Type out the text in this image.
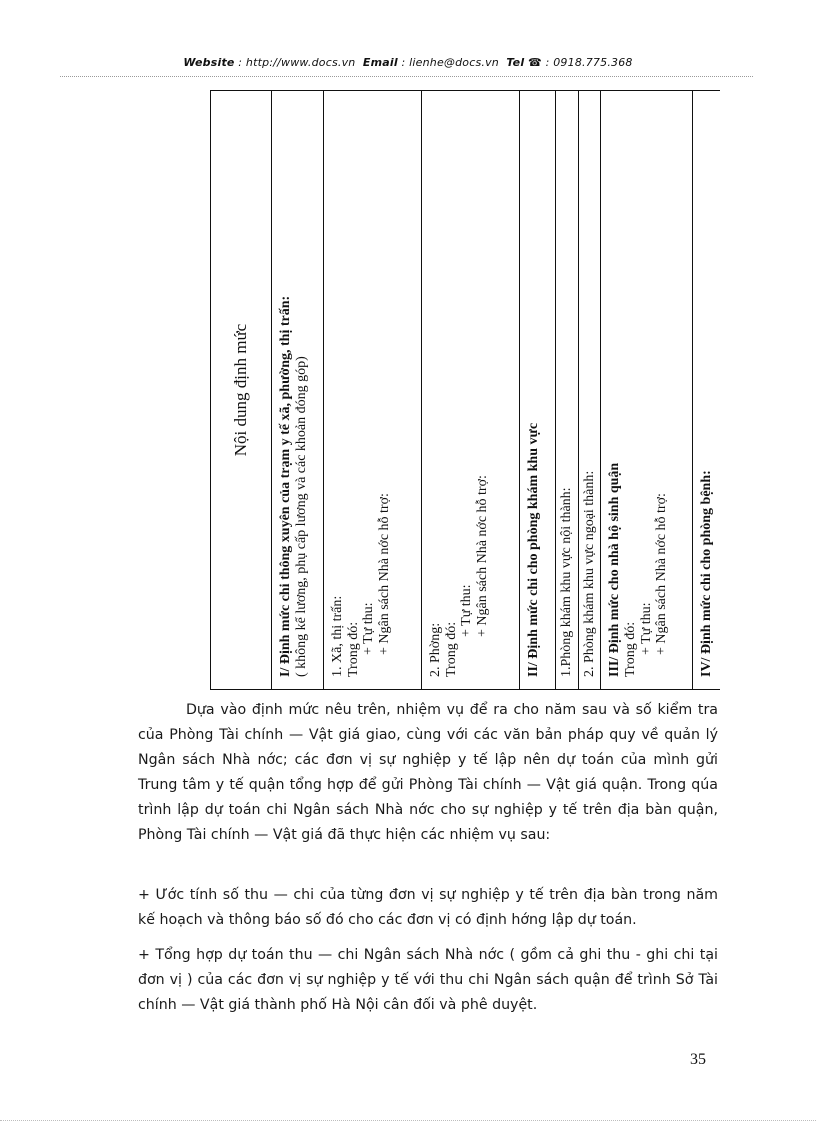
Website : http://www.docs.vn Email : lienhe@docs.vn Tel ☎ : 0918.775.368
Nội dung định mức

I/ Định mức chi thông xuyên của trạm y tế xã, phường, thị trấn: ( không kể lương, phụ cấp lương và các khoản đóng góp)

1. Xã, thị trấn: Trong đó: + Tự thu: + Ngân sách Nhà nớc hỗ trợ:

2. Phờng: Trong đó:
+ Tự thu: + Ngân sách Nhà nớc hỗ trợ:

II/ Định mức chi cho phòng khám khu vực

1.Phòng khám khu vực nội thành:

2. Phòng khám khu vực ngoại thành:

III/ Định mức cho nhà hộ sinh quận Trong đó: + Tự thu: + Ngân sách Nhà nớc hỗ trợ:

IV/ Định mức chi cho phòng bệnh:
Dựa vào định mức nêu trên, nhiệm vụ để ra cho năm sau và số kiểm tra của Phòng Tài chính — Vật giá giao, cùng với các văn bản pháp quy về quản lý Ngân sách Nhà nớc; các đơn vị sự nghiệp y tế lập nên dự toán của mình gửi Trung tâm y tế quận tổng hợp để gửi Phòng Tài chính — Vật giá quận. Trong qúa trình lập dự toán chi Ngân sách Nhà nớc cho sự nghiệp y tế trên địa bàn quận, Phòng Tài chính — Vật giá đã thực hiện các nhiệm vụ sau:
+ Ước tính số thu — chi của từng đơn vị sự nghiệp y tế trên địa bàn trong năm kế hoạch và thông báo số đó cho các đơn vị có định hớng lập dự toán.
+ Tổng hợp dự toán thu — chi Ngân sách Nhà nớc ( gồm cả ghi thu - ghi chi tại đơn vị ) của các đơn vị sự nghiệp y tế với thu chi Ngân sách quận để trình Sở Tài chính — Vật giá thành phố Hà Nội cân đối và phê duyệt.
35
